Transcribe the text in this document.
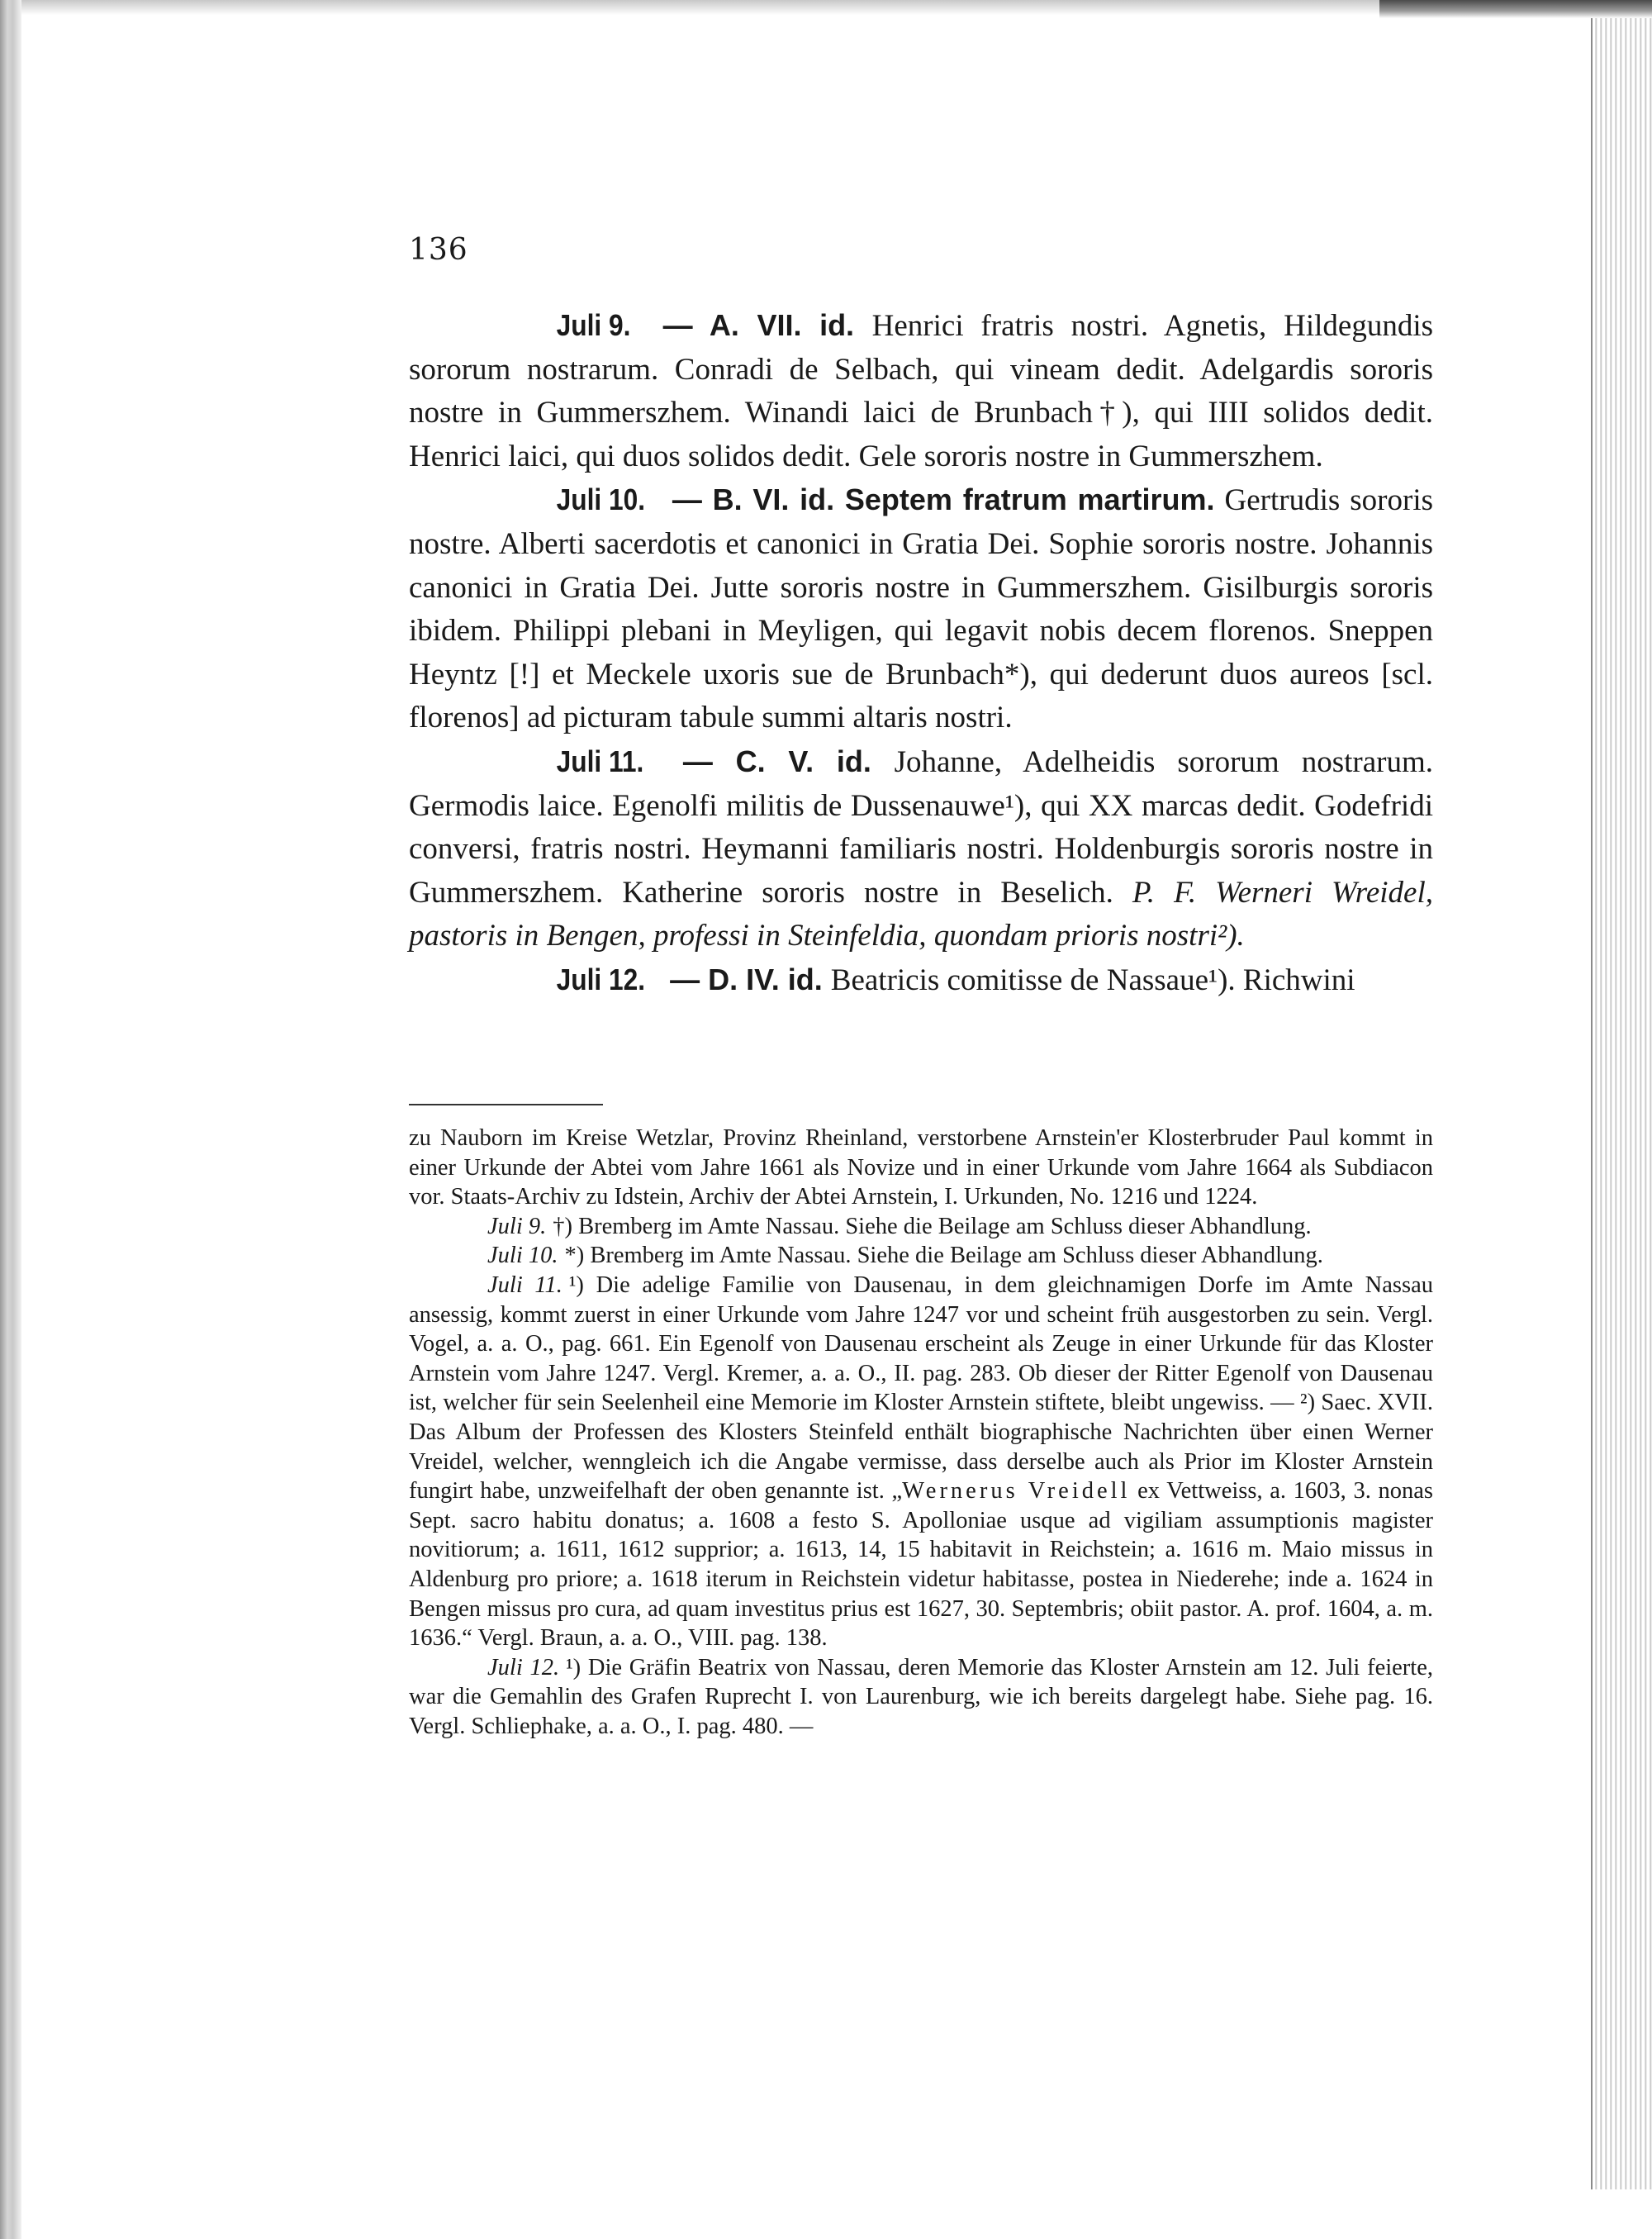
136

Juli 9. — A. VII. id. Henrici fratris nostri. Agnetis, Hildegundis sororum nostrarum. Conradi de Selbach, qui vineam dedit. Adelgardis sororis nostre in Gummerszhem. Winandi laici de Brunbach†), qui IIII solidos dedit. Henrici laici, qui duos solidos dedit. Gele sororis nostre in Gummerszhem.

Juli 10. — B. VI. id. Septem fratrum martirum. Gertrudis sororis nostre. Alberti sacerdotis et canonici in Gratia Dei. Sophie sororis nostre. Johannis canonici in Gratia Dei. Jutte sororis nostre in Gummerszhem. Gisilburgis sororis ibidem. Philippi plebani in Meyligen, qui legavit nobis decem florenos. Sneppen Heyntz [!] et Meckele uxoris sue de Brunbach*), qui dederunt duos aureos [scl. florenos] ad picturam tabule summi altaris nostri.

Juli 11. — C. V. id. Johanne, Adelheidis sororum nostrarum. Germodis laice. Egenolfi militis de Dussenauwe¹), qui XX marcas dedit. Godefridi conversi, fratris nostri. Heymanni familiaris nostri. Holdenburgis sororis nostre in Gummerszhem. Katherine sororis nostre in Beselich. P. F. Werneri Wreidel, pastoris in Bengen, professi in Steinfeldia, quondam prioris nostri²).

Juli 12. — D. IV. id. Beatricis comitisse de Nassaue¹). Richwini

zu Nauborn im Kreise Wetzlar, Provinz Rheinland, verstorbene Arnstein'er Klosterbruder Paul kommt in einer Urkunde der Abtei vom Jahre 1661 als Novize und in einer Urkunde vom Jahre 1664 als Subdiacon vor. Staats-Archiv zu Idstein, Archiv der Abtei Arnstein, I. Urkunden, No. 1216 und 1224.

Juli 9. †) Bremberg im Amte Nassau. Siehe die Beilage am Schluss dieser Abhandlung.

Juli 10. *) Bremberg im Amte Nassau. Siehe die Beilage am Schluss dieser Abhandlung.

Juli 11. ¹) Die adelige Familie von Dausenau, in dem gleichnamigen Dorfe im Amte Nassau ansessig, kommt zuerst in einer Urkunde vom Jahre 1247 vor und scheint früh ausgestorben zu sein. Vergl. Vogel, a. a. O., pag. 661. Ein Egenolf von Dausenau erscheint als Zeuge in einer Urkunde für das Kloster Arnstein vom Jahre 1247. Vergl. Kremer, a. a. O., II. pag. 283. Ob dieser der Ritter Egenolf von Dausenau ist, welcher für sein Seelenheil eine Memorie im Kloster Arnstein stiftete, bleibt ungewiss. — ²) Saec. XVII. Das Album der Professen des Klosters Steinfeld enthält biographische Nachrichten über einen Werner Vreidel, welcher, wenngleich ich die Angabe vermisse, dass derselbe auch als Prior im Kloster Arnstein fungirt habe, unzweifelhaft der oben genannte ist. „Wernerus Vreidell ex Vettweiss, a. 1603, 3. nonas Sept. sacro habitu donatus; a. 1608 a festo S. Apolloniae usque ad vigiliam assumptionis magister novitiorum; a. 1611, 1612 supprior; a. 1613, 14, 15 habitavit in Reichstein; a. 1616 m. Maio missus in Aldenburg pro priore; a. 1618 iterum in Reichstein videtur habitasse, postea in Niederehe; inde a. 1624 in Bengen missus pro cura, ad quam investitus prius est 1627, 30. Septembris; obiit pastor. A. prof. 1604, a. m. 1636.“ Vergl. Braun, a. a. O., VIII. pag. 138.

Juli 12. ¹) Die Gräfin Beatrix von Nassau, deren Memorie das Kloster Arnstein am 12. Juli feierte, war die Gemahlin des Grafen Ruprecht I. von Laurenburg, wie ich bereits dargelegt habe. Siehe pag. 16. Vergl. Schliephake, a. a. O., I. pag. 480. —
